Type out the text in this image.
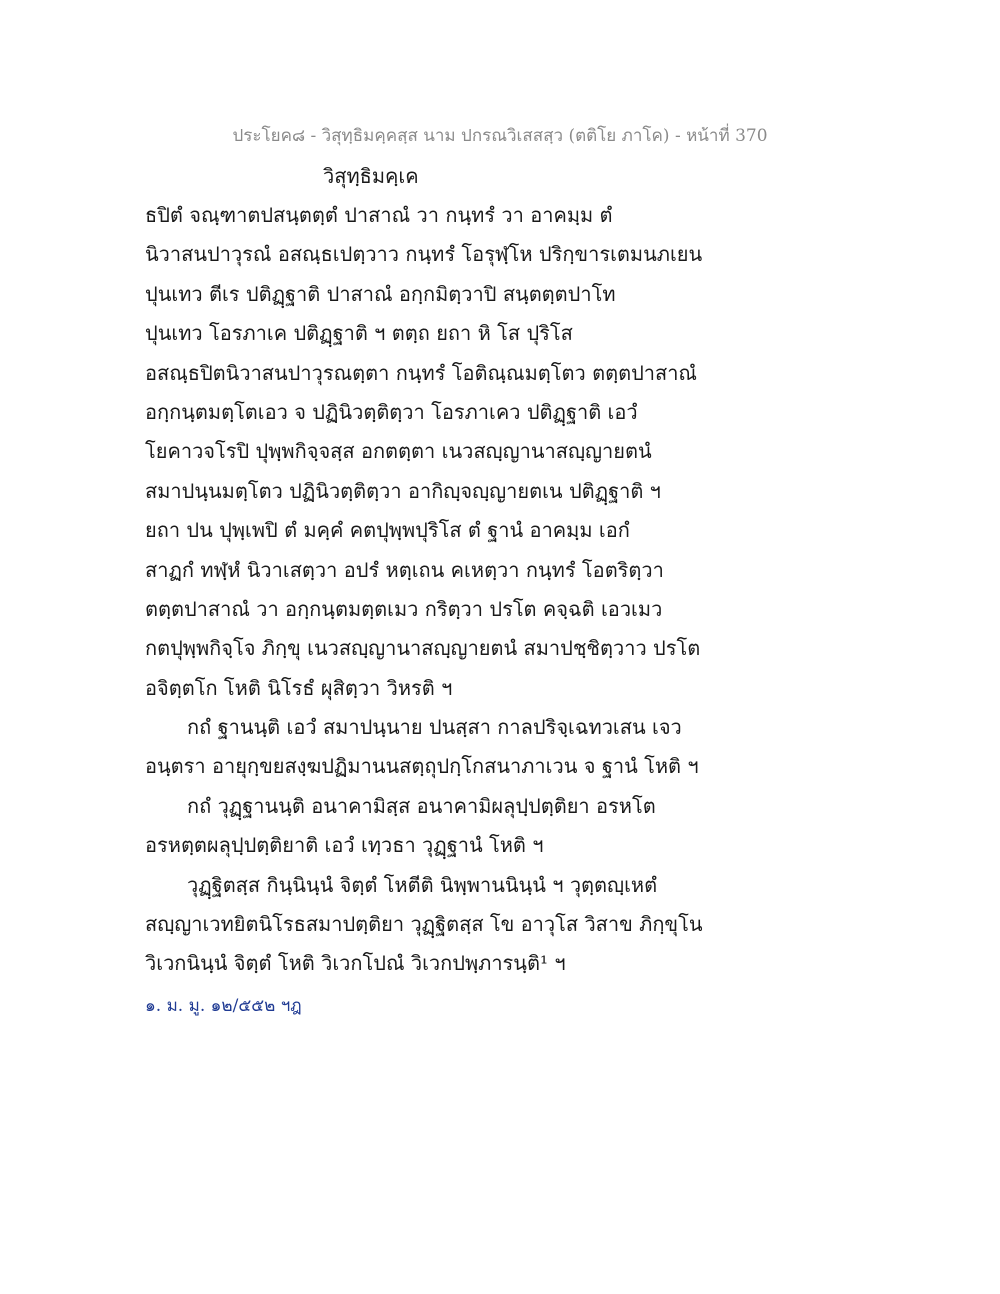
ประโยค๘ - วิสุทฺธิมคฺคสฺส นาม ปกรณวิเสสสฺว (ตติโย ภาโค) - หน้าที่ 370
วิสุทฺธิมคฺเค
ธปิตํ จณฺฑาตปสนฺตตฺตํ ปาสาณํ วา กนฺทรํ วา อาคมฺม ตํ
นิวาสนปาวุรณํ อสณฺธเปตฺวาว กนฺทรํ โอรุฬฺโห ปริกฺขารเตมนภเยน
ปุนเทว ตีเร ปติฏฺฐาติ ปาสาณํ อกฺกมิตฺวาปิ สนฺตตฺตปาโท
ปุนเทว โอรภาเค ปติฏฺฐาติ ฯ ตตฺถ ยถา หิ โส ปุริโส
อสณฺธปิตนิวาสนปาวุรณตฺตา กนฺทรํ โอติณฺณมตฺโตว ตตฺตปาสาณํ
อกฺกนฺตมตฺโตเอว จ ปฏินิวตฺติตฺวา โอรภาเคว ปติฏฺฐาติ เอวํ
โยคาวจโรปิ ปุพฺพกิจฺจสฺส อกตตฺตา เนวสญฺญานาสญฺญายตนํ
สมาปนฺนมตฺโตว ปฏินิวตฺติตฺวา อากิญฺจญฺญายตเน ปติฏฺฐาติ ฯ
ยถา ปน ปุพฺเพปิ ตํ มคฺคํ คตปุพฺพปุริโส ตํ ฐานํ อาคมฺม เอกํ
สาฏกํ ทฬฺหํ นิวาเสตฺวา อปรํ หตฺเถน คเหตฺวา กนฺทรํ โอตริตฺวา
ตตฺตปาสาณํ วา อกฺกนฺตมตฺตเมว กริตฺวา ปรโต คจฺฉติ เอวเมว
กตปุพฺพกิจฺโจ ภิกฺขุ เนวสญฺญานาสญฺญายตนํ สมาปชฺชิตฺวาว ปรโต
อจิตฺตโก โหติ นิโรธํ ผุสิตฺวา วิหรติ ฯ
กถํ ฐานนฺติ เอวํ สมาปนฺนาย ปนสฺสา กาลปริจฺเฉทวเสน เจว
อนฺตรา อายุกฺขยสงฺฆปฏิมานนสตฺถุปกฺโกสนาภาเวน จ ฐานํ โหติ ฯ
กถํ วุฏฺฐานนฺติ อนาคามิสฺส อนาคามิผลุปฺปตฺติยา อรหโต
อรหตฺตผลุปฺปตฺติยาติ เอวํ เทฺวธา วุฏฺฐานํ โหติ ฯ
วุฏฺฐิตสฺส กินฺนินฺนํ จิตฺตํ โหตีติ นิพฺพานนินฺนํ ฯ วุตฺตญฺเหตํ
สญฺญาเวทยิตนิโรธสมาปตฺติยา วุฏฺฐิตสฺส โข อาวุโส วิสาข ภิกฺขุโน
วิเวกนินฺนํ จิตฺตํ โหติ วิเวกโปณํ วิเวกปพฺภารนฺติ¹ ฯ
๑. ม. มู. ๑๒/๕๕๒ ฯฎ
